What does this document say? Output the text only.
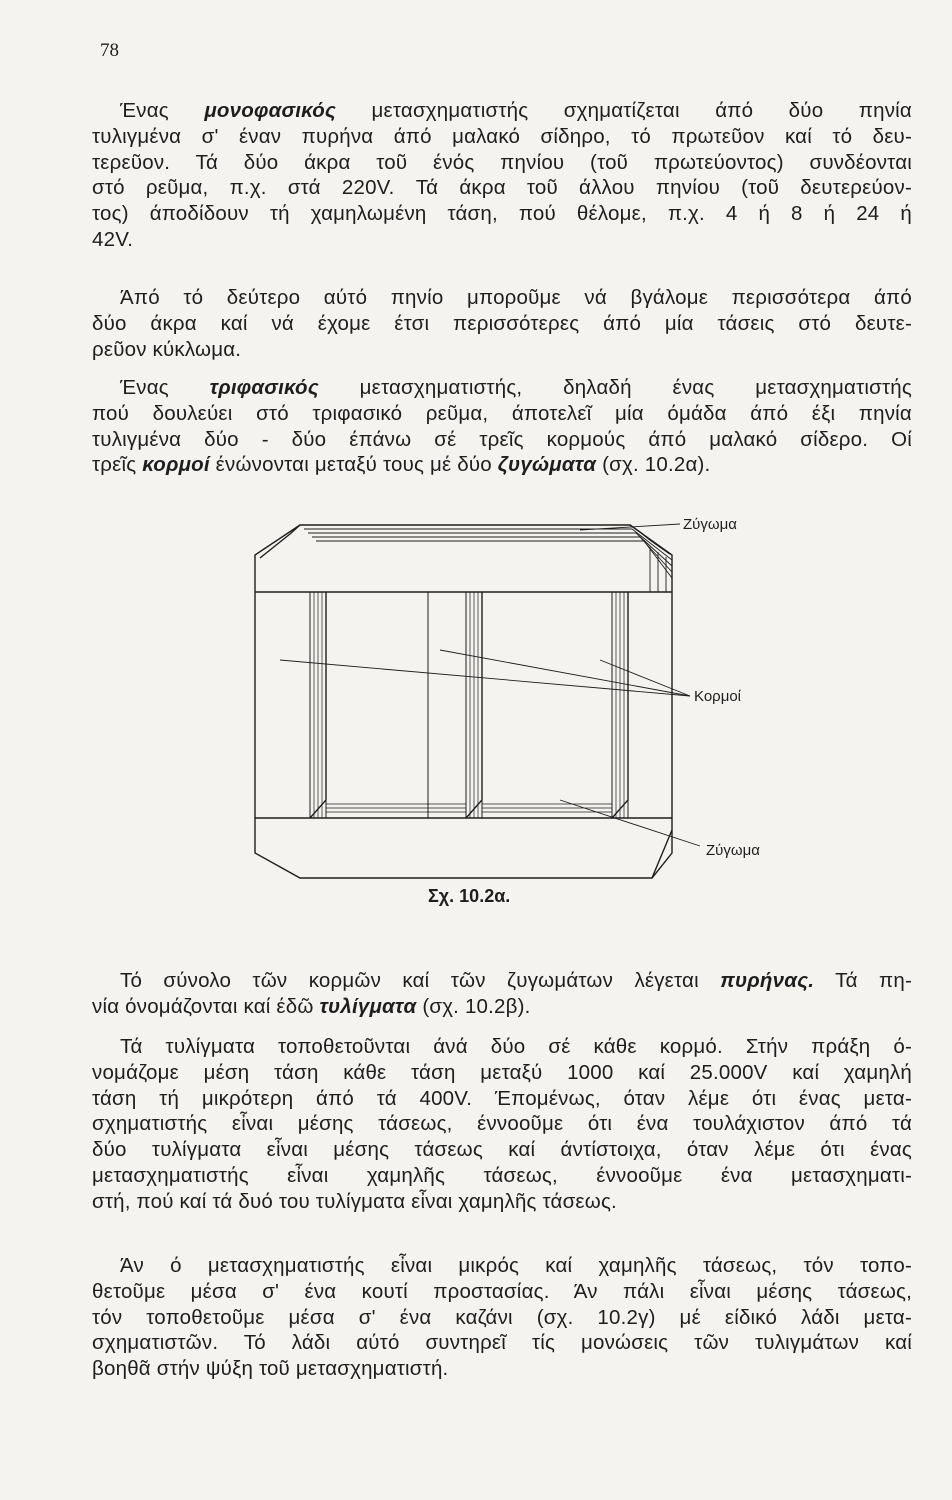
78

Ένας μονοφασικός μετασχηματιστής σχηματίζεται άπό δύο πηνία
τυλιγμένα σ' έναν πυρήνα άπό μαλακό σίδηρο, τό πρωτεῦον καί τό δευ-
τερεῦον. Τά δύο άκρα τοῦ ένός πηνίου (τοῦ πρωτεύοντος) συνδέονται
στό ρεῦμα, π.χ. στά 220V. Τά άκρα τοῦ άλλου πηνίου (τοῦ δευτερεύον-
τος) άποδίδουν τή χαμηλωμένη τάση, πού θέλομε, π.χ. 4 ή 8 ή 24 ή
42V.

Άπό τό δεύτερο αύτό πηνίο μποροῦμε νά βγάλομε περισσότερα άπό
δύο άκρα καί νά έχομε έτσι περισσότερες άπό μία τάσεις στό δευτε-
ρεῦον κύκλωμα.

Ένας τριφασικός μετασχηματιστής, δηλαδή ένας μετασχηματιστής
πού δουλεύει στό τριφασικό ρεῦμα, άποτελεῖ μία όμάδα άπό έξι πηνία
τυλιγμένα δύο - δύο έπάνω σέ τρεῖς κορμούς άπό μαλακό σίδερο. Οί
τρεῖς κορμοί ένώνονται μεταξύ τους μέ δύο ζυγώματα (σχ. 10.2α).

Ζύγωμα
Κορμοί
Ζύγωμα
Σχ. 10.2α.

Τό σύνολο τῶν κορμῶν καί τῶν ζυγωμάτων λέγεται πυρήνας. Τά πη-
νία όνομάζονται καί έδῶ τυλίγματα (σχ. 10.2β).

Τά τυλίγματα τοποθετοῦνται άνά δύο σέ κάθε κορμό. Στήν πράξη ό-
νομάζομε μέση τάση κάθε τάση μεταξύ 1000 καί 25.000V καί χαμηλή
τάση τή μικρότερη άπό τά 400V. Έπομένως, όταν λέμε ότι ένας μετα-
σχηματιστής εἶναι μέσης τάσεως, έννοοῦμε ότι ένα τουλάχιστον άπό τά
δύο τυλίγματα εἶναι μέσης τάσεως καί άντίστοιχα, όταν λέμε ότι ένας
μετασχηματιστής εἶναι χαμηλῆς τάσεως, έννοοῦμε ένα μετασχηματι-
στή, πού καί τά δυό του τυλίγματα εἶναι χαμηλῆς τάσεως.

Άν ό μετασχηματιστής εἶναι μικρός καί χαμηλῆς τάσεως, τόν τοπο-
θετοῦμε μέσα σ' ένα κουτί προστασίας. Άν πάλι εἶναι μέσης τάσεως,
τόν τοποθετοῦμε μέσα σ' ένα καζάνι (σχ. 10.2γ) μέ είδικό λάδι μετα-
σχηματιστῶν. Τό λάδι αύτό συντηρεῖ τίς μονώσεις τῶν τυλιγμάτων καί
βοηθᾶ στήν ψύξη τοῦ μετασχηματιστή.
